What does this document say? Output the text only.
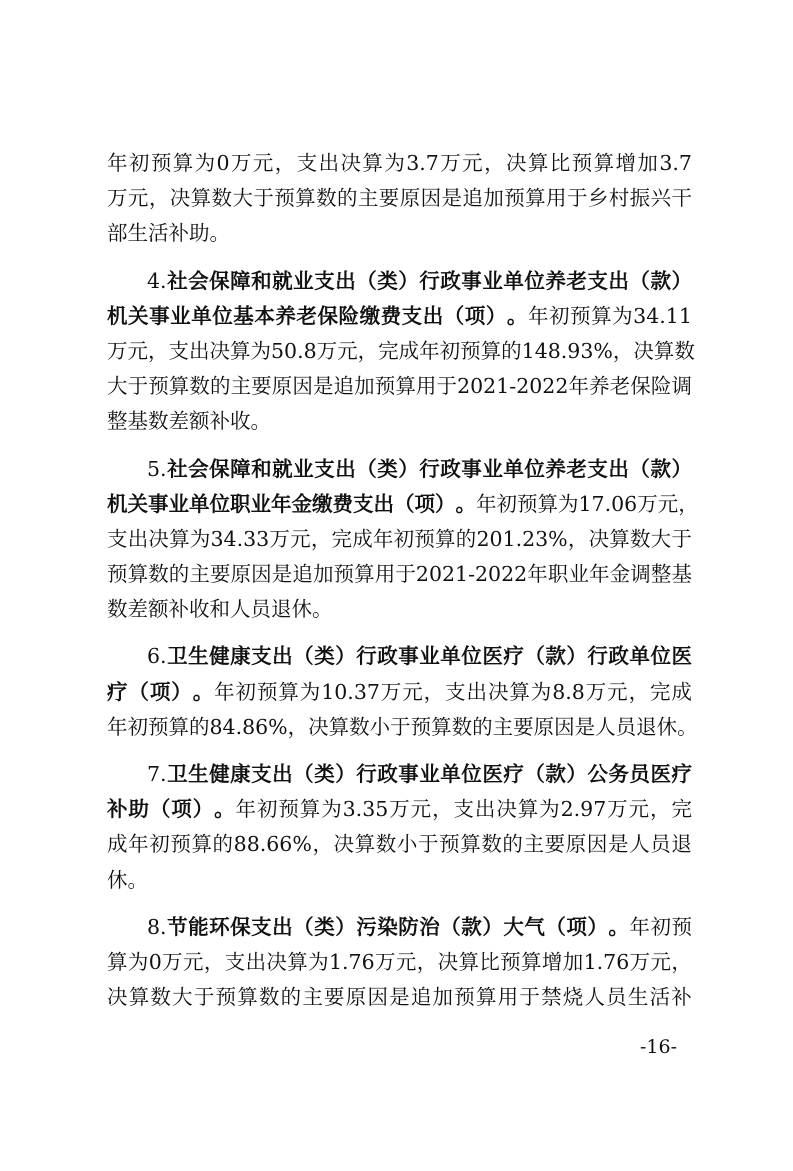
年 初 预 算 为 0 万 元 ， 支 出 决 算 为 3.7 万 元 ， 决 算 比 预 算 增 加 3.7
万 元 ， 决 算 数 大 于 预 算 数 的 主 要 原 因 是 追 加 预 算 用 于 乡 村 振 兴 干
部 生 活 补 助 。
4. 社 会 保 障 和 就 业 支 出 （ 类 ） 行 政 事 业 单 位 养 老 支 出 （ 款 ）
机 关 事 业 单 位 基 本 养 老 保 险 缴 费 支 出 （ 项 ） 。 年 初 预 算 为 34.11
万 元 ， 支 出 决 算 为 50.8 万 元 ， 完 成 年 初 预 算 的 148.93% ， 决 算 数
大 于 预 算 数 的 主 要 原 因 是 追 加 预 算 用 于 2021-2022 年 养 老 保 险 调
整 基 数 差 额 补 收 。
5. 社 会 保 障 和 就 业 支 出 （ 类 ） 行 政 事 业 单 位 养 老 支 出 （ 款 ）
机 关 事 业 单 位 职 业 年 金 缴 费 支 出 （ 项 ） 。 年 初 预 算 为 17.06 万 元 ，
支 出 决 算 为 34.33 万 元 ， 完 成 年 初 预 算 的 201.23% ， 决 算 数 大 于
预 算 数 的 主 要 原 因 是 追 加 预 算 用 于 2021-2022 年 职 业 年 金 调 整 基
数 差 额 补 收 和 人 员 退 休 。
6. 卫 生 健 康 支 出 （ 类 ） 行 政 事 业 单 位 医 疗 （ 款 ） 行 政 单 位 医
疗 （ 项 ） 。 年 初 预 算 为 10.37 万 元 ， 支 出 决 算 为 8.8 万 元 ， 完 成
年 初 预 算 的 84.86% ， 决 算 数 小 于 预 算 数 的 主 要 原 因 是 人 员 退 休 。
7. 卫 生 健 康 支 出 （ 类 ） 行 政 事 业 单 位 医 疗 （ 款 ） 公 务 员 医 疗
补 助 （ 项 ） 。 年 初 预 算 为 3.35 万 元 ， 支 出 决 算 为 2.97 万 元 ， 完
成 年 初 预 算 的 88.66% ， 决 算 数 小 于 预 算 数 的 主 要 原 因 是 人 员 退
休 。
8. 节 能 环 保 支 出 （ 类 ） 污 染 防 治 （ 款 ） 大 气 （ 项 ） 。 年 初 预
算 为 0 万 元 ， 支 出 决 算 为 1.76 万 元 ， 决 算 比 预 算 增 加 1.76 万 元 ，
决 算 数 大 于 预 算 数 的 主 要 原 因 是 追 加 预 算 用 于 禁 烧 人 员 生 活 补
-16-
